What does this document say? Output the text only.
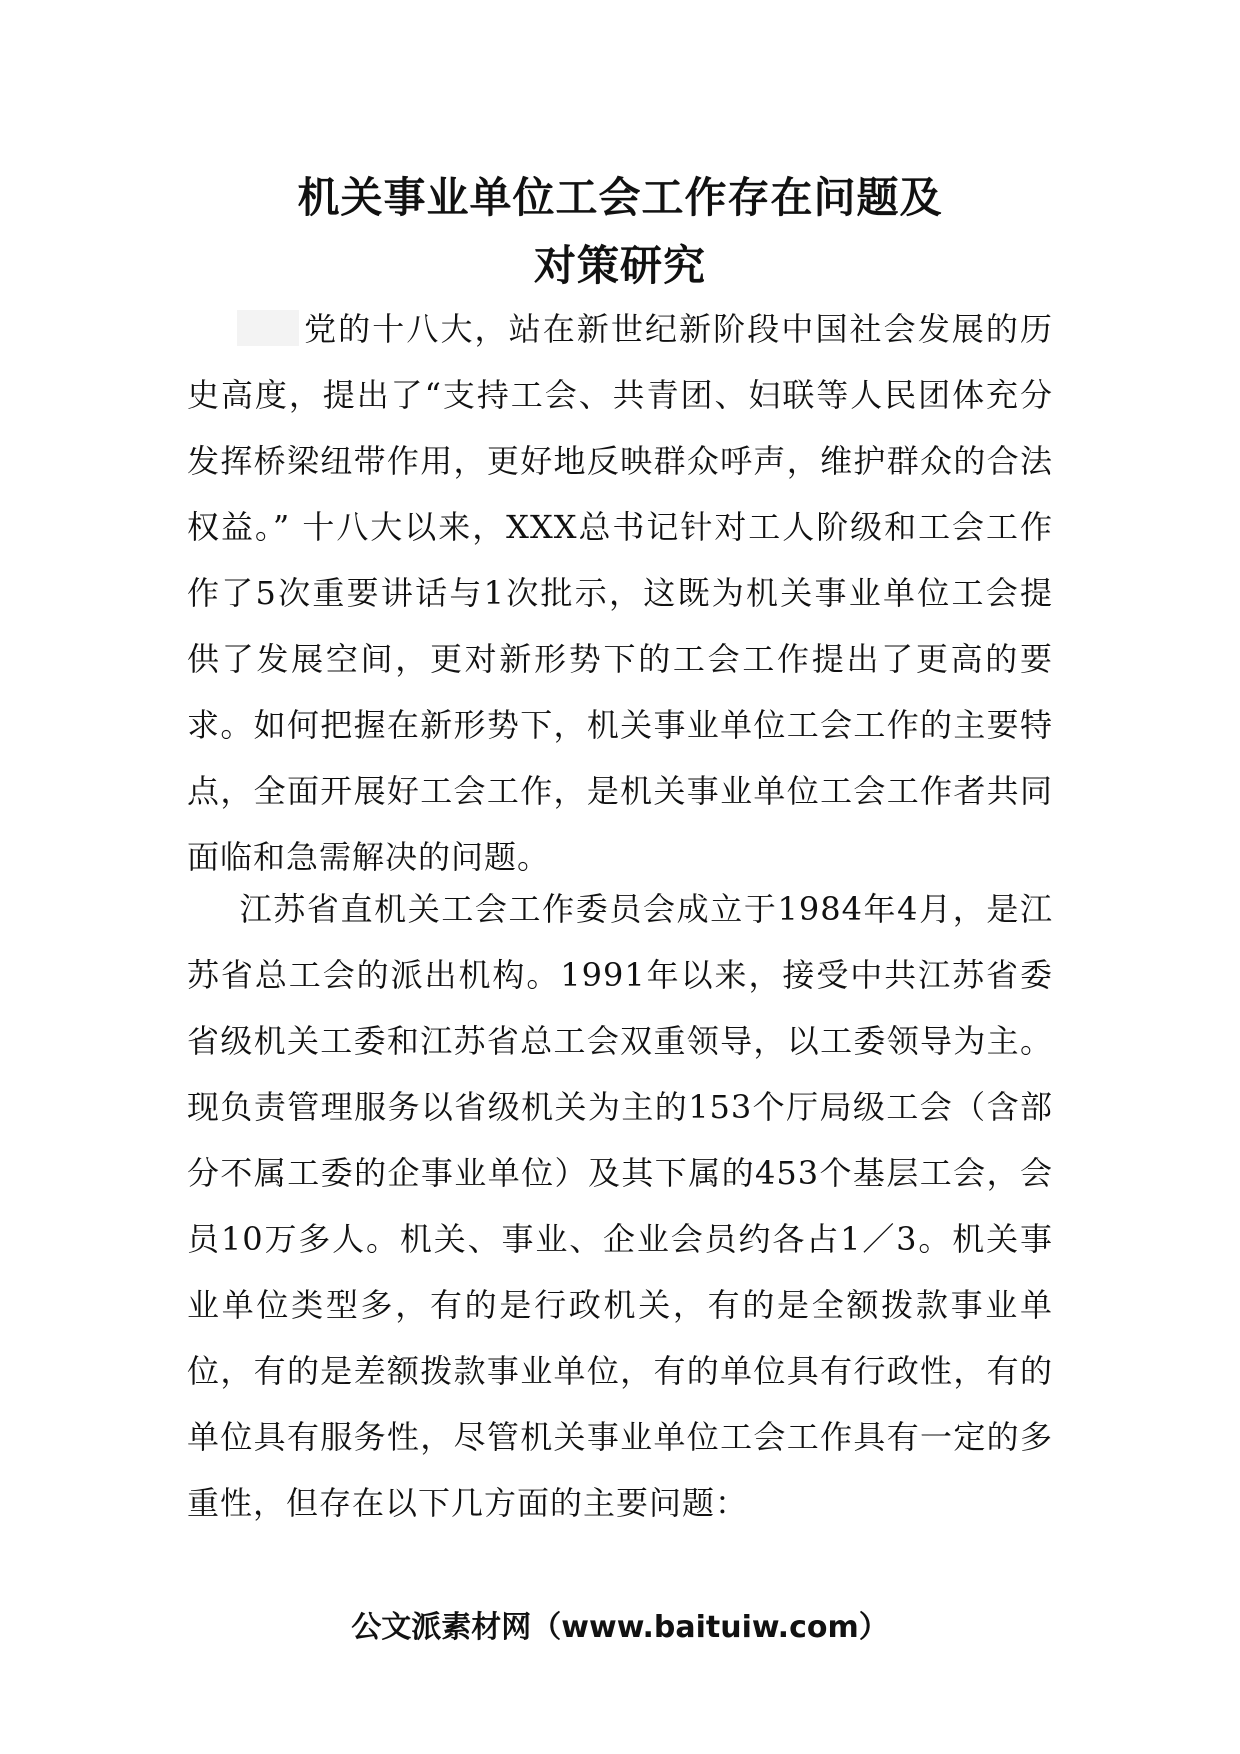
机关事业单位工会工作存在问题及
对策研究

党的十八大，站在新世纪新阶段中国社会发展的历史高度，提出了“支持工会、共青团、妇联等人民团体充分发挥桥梁纽带作用，更好地反映群众呼声，维护群众的合法权益。” 十八大以来，XXX总书记针对工人阶级和工会工作作了5次重要讲话与1次批示，这既为机关事业单位工会提供了发展空间，更对新形势下的工会工作提出了更高的要求。如何把握在新形势下，机关事业单位工会工作的主要特点，全面开展好工会工作，是机关事业单位工会工作者共同面临和急需解决的问题。

江苏省直机关工会工作委员会成立于1984年4月，是江苏省总工会的派出机构。1991年以来，接受中共江苏省委省级机关工委和江苏省总工会双重领导，以工委领导为主。现负责管理服务以省级机关为主的153个厅局级工会（含部分不属工委的企事业单位）及其下属的453个基层工会，会员10万多人。机关、事业、企业会员约各占1／3。机关事业单位类型多，有的是行政机关，有的是全额拨款事业单位，有的是差额拨款事业单位，有的单位具有行政性，有的单位具有服务性，尽管机关事业单位工会工作具有一定的多重性，但存在以下几方面的主要问题：

公文派素材网（www.baituiw.com）
